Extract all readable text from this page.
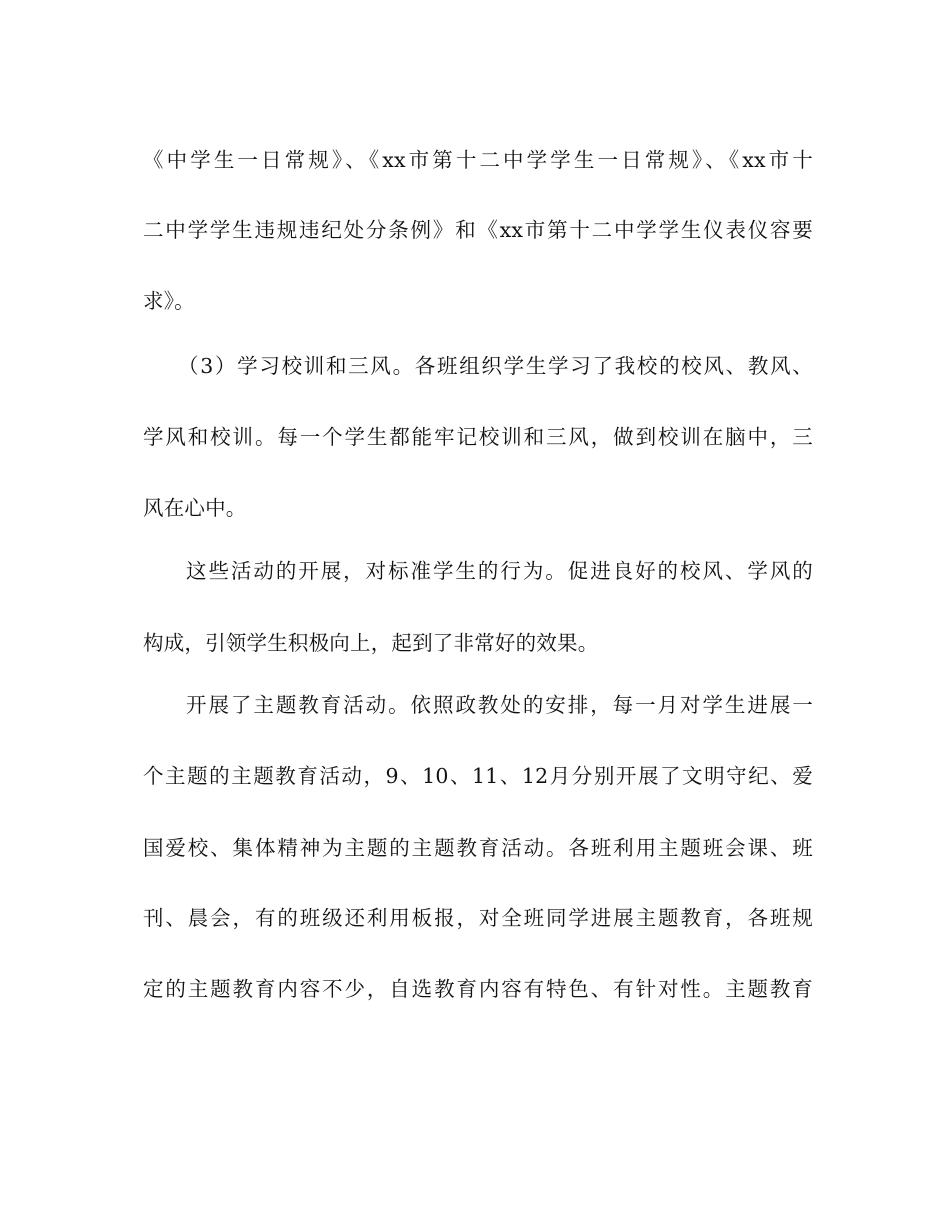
《中学生一日常规》、《xx市第十二中学学生一日常规》、《xx市十
二中学学生违规违纪处分条例》和《xx市第十二中学学生仪表仪容要
求》。
（3）学习校训和三风。各班组织学生学习了我校的校风、教风、
学风和校训。每一个学生都能牢记校训和三风，做到校训在脑中，三
风在心中。
这些活动的开展，对标准学生的行为。促进良好的校风、学风的
构成，引领学生积极向上，起到了非常好的效果。
开展了主题教育活动。依照政教处的安排，每一月对学生进展一
个主题的主题教育活动，9、10、11、12月分别开展了文明守纪、爱
国爱校、集体精神为主题的主题教育活动。各班利用主题班会课、班
刊、晨会，有的班级还利用板报，对全班同学进展主题教育，各班规
定的主题教育内容不少，自选教育内容有特色、有针对性。主题教育
